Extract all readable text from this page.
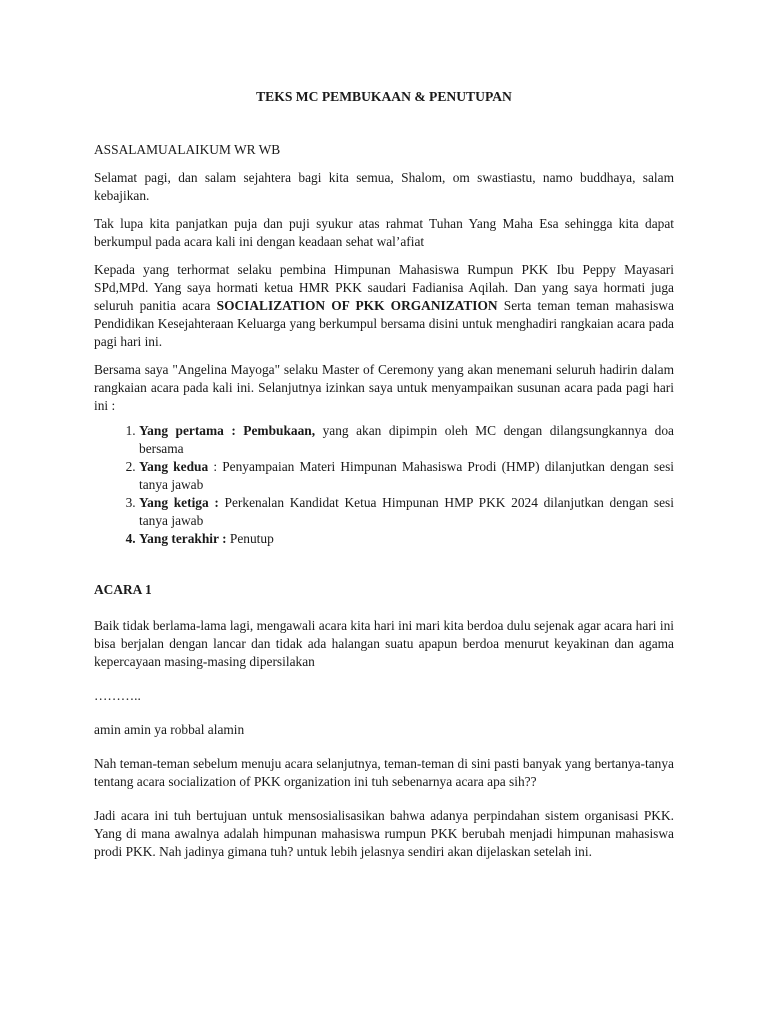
TEKS MC PEMBUKAAN & PENUTUPAN

ASSALAMUALAIKUM WR WB

Selamat pagi, dan salam sejahtera bagi kita semua, Shalom, om swastiastu, namo buddhaya, salam kebajikan.

Tak lupa kita panjatkan puja dan puji syukur atas rahmat Tuhan Yang Maha Esa sehingga kita dapat berkumpul pada acara kali ini dengan keadaan sehat wal’afiat

Kepada yang terhormat selaku pembina Himpunan Mahasiswa Rumpun PKK Ibu Peppy Mayasari SPd,MPd. Yang saya hormati ketua HMR PKK saudari Fadianisa Aqilah. Dan yang saya hormati juga seluruh panitia acara SOCIALIZATION OF PKK ORGANIZATION Serta teman teman mahasiswa Pendidikan Kesejahteraan Keluarga yang berkumpul bersama disini untuk menghadiri rangkaian acara pada pagi hari ini.

Bersama saya "Angelina Mayoga" selaku Master of Ceremony yang akan menemani seluruh hadirin dalam rangkaian acara pada kali ini. Selanjutnya izinkan saya untuk menyampaikan susunan acara pada pagi hari ini :

1. Yang pertama : Pembukaan, yang akan dipimpin oleh MC dengan dilangsungkannya doa bersama
2. Yang kedua : Penyampaian Materi Himpunan Mahasiswa Prodi (HMP) dilanjutkan dengan sesi tanya jawab
3. Yang ketiga : Perkenalan Kandidat Ketua Himpunan HMP PKK 2024 dilanjutkan dengan sesi tanya jawab
4. Yang terakhir : Penutup

ACARA 1

Baik tidak berlama-lama lagi, mengawali acara kita hari ini mari kita berdoa dulu sejenak agar acara hari ini bisa berjalan dengan lancar dan tidak ada halangan suatu apapun berdoa menurut keyakinan dan agama kepercayaan masing-masing dipersilakan

………..

amin amin ya robbal alamin

Nah teman-teman sebelum menuju acara selanjutnya, teman-teman di sini pasti banyak yang bertanya-tanya tentang acara socialization of PKK organization ini tuh sebenarnya acara apa sih??

Jadi acara ini tuh bertujuan untuk mensosialisasikan bahwa adanya perpindahan sistem organisasi PKK. Yang di mana awalnya adalah himpunan mahasiswa rumpun PKK berubah menjadi himpunan mahasiswa prodi PKK. Nah jadinya gimana tuh? untuk lebih jelasnya sendiri akan dijelaskan setelah ini.
